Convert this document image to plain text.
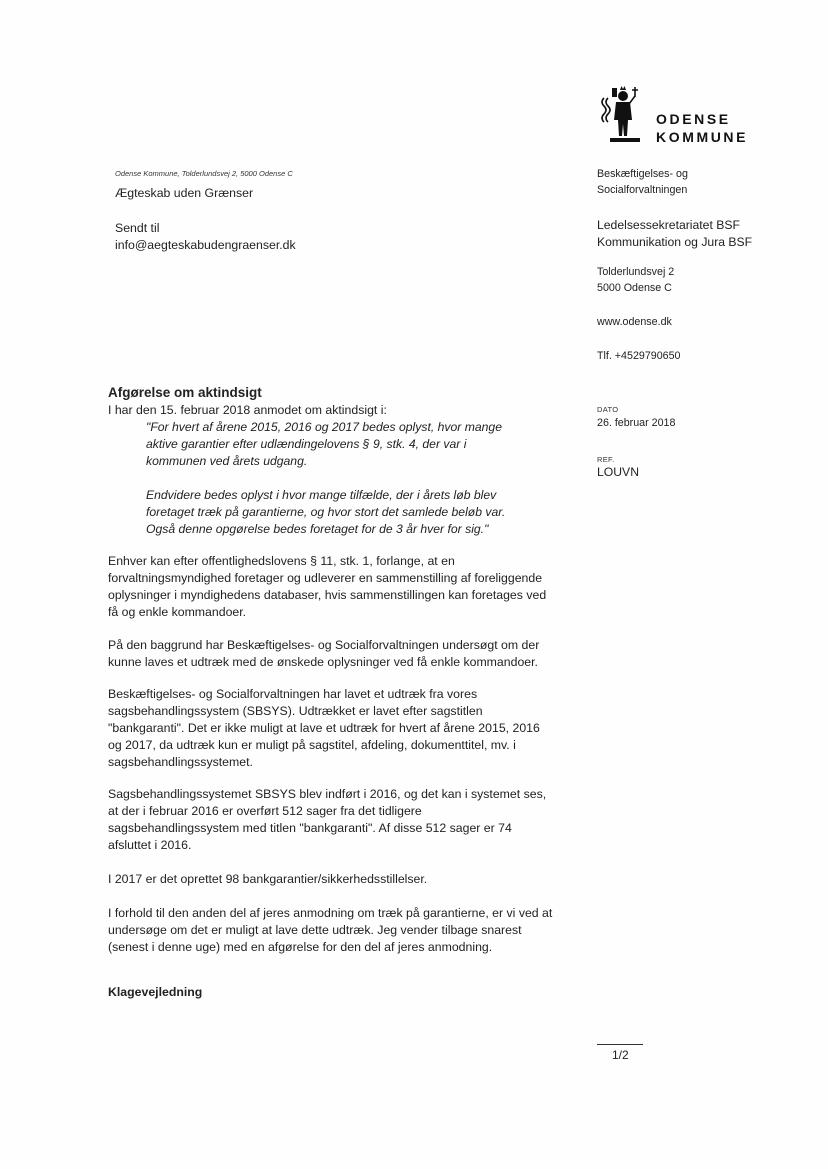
ODENSE
KOMMUNE
Odense Kommune, Tolderlundsvej 2, 5000 Odense C
Ægteskab uden Grænser
Sendt til
info@aegteskabudengraenser.dk
Beskæftigelses- og
Socialforvaltningen
Ledelsessekretariatet BSF
Kommunikation og Jura BSF
Tolderlundsvej 2
5000 Odense C
www.odense.dk
Tlf. +4529790650
DATO
26. februar 2018
REF.
LOUVN
Afgørelse om aktindsigt
I har den 15. februar 2018 anmodet om aktindsigt i:
"For hvert af årene 2015, 2016 og 2017 bedes oplyst, hvor mange
aktive garantier efter udlændingelovens § 9, stk. 4, der var i
kommunen ved årets udgang.
Endvidere bedes oplyst i hvor mange tilfælde, der i årets løb blev
foretaget træk på garantierne, og hvor stort det samlede beløb var.
Også denne opgørelse bedes foretaget for de 3 år hver for sig."
Enhver kan efter offentlighedslovens § 11, stk. 1, forlange, at en
forvaltningsmyndighed foretager og udleverer en sammenstilling af foreliggende
oplysninger i myndighedens databaser, hvis sammenstillingen kan foretages ved
få og enkle kommandoer.
På den baggrund har Beskæftigelses- og Socialforvaltningen undersøgt om der
kunne laves et udtræk med de ønskede oplysninger ved få enkle kommandoer.
Beskæftigelses- og Socialforvaltningen har lavet et udtræk fra vores
sagsbehandlingssystem (SBSYS). Udtrækket er lavet efter sagstitlen
"bankgaranti". Det er ikke muligt at lave et udtræk for hvert af årene 2015, 2016
og 2017, da udtræk kun er muligt på sagstitel, afdeling, dokumenttitel, mv. i
sagsbehandlingssystemet.
Sagsbehandlingssystemet SBSYS blev indført i 2016, og det kan i systemet ses,
at der i februar 2016 er overført 512 sager fra det tidligere
sagsbehandlingssystem med titlen "bankgaranti". Af disse 512 sager er 74
afsluttet i 2016.
I 2017 er det oprettet 98 bankgarantier/sikkerhedsstillelser.
I forhold til den anden del af jeres anmodning om træk på garantierne, er vi ved at
undersøge om det er muligt at lave dette udtræk. Jeg vender tilbage snarest
(senest i denne uge) med en afgørelse for den del af jeres anmodning.
Klagevejledning
1/2
